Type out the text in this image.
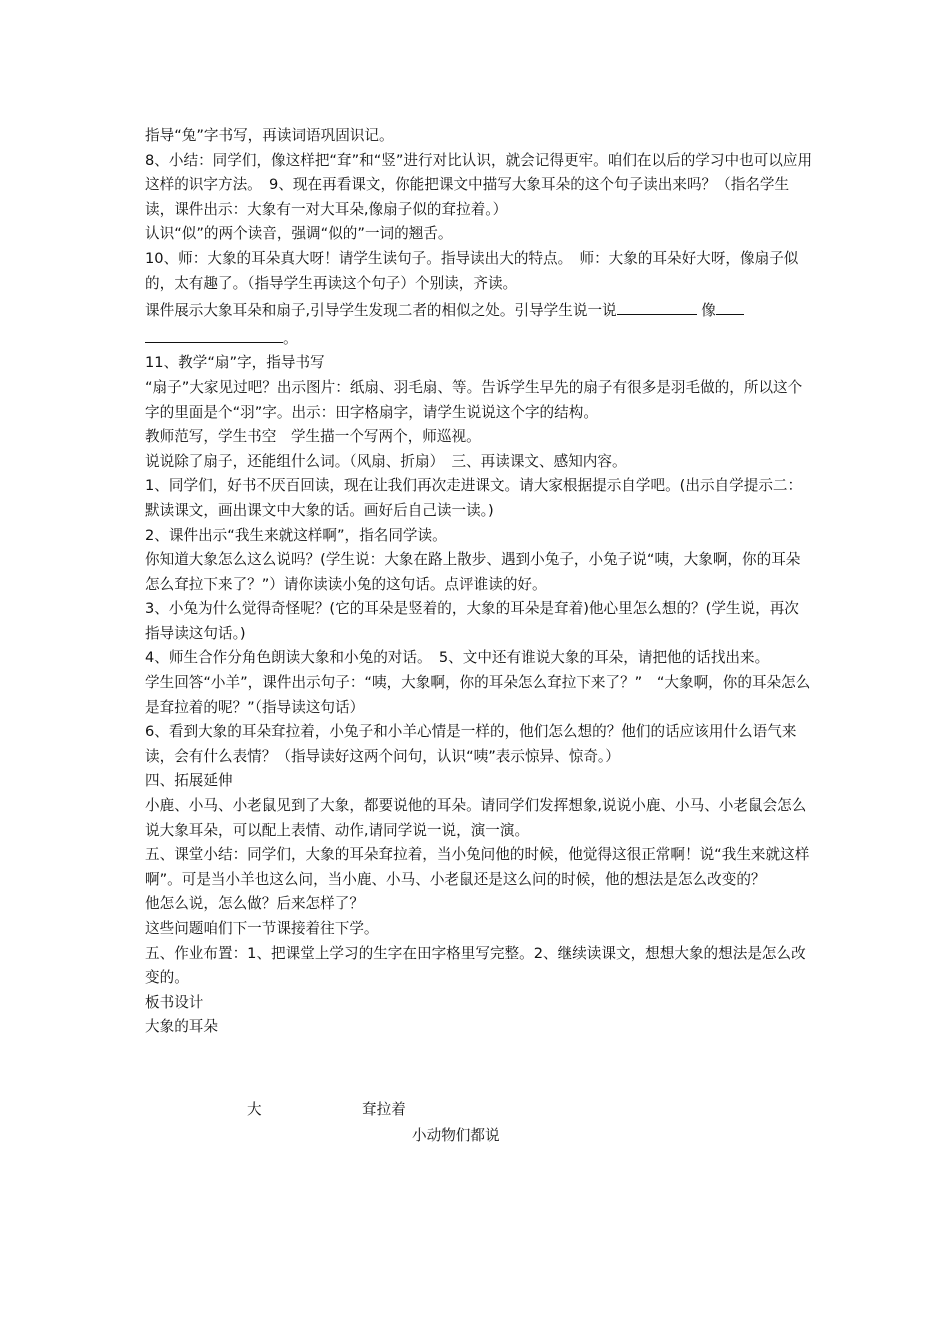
指导“兔”字书写，再读词语巩固识记。

8、小结：同学们，像这样把“耷”和“竖”进行对比认识，就会记得更牢。咱们在以后的学习中也可以应用这样的识字方法。　9、现在再看课文，你能把课文中描写大象耳朵的这个句子读出来吗？（指名学生读，课件出示：大象有一对大耳朵,像扇子似的耷拉着。）

认识“似”的两个读音，强调“似的”一词的翘舌。

10、师：大象的耳朵真大呀！请学生读句子。指导读出大的特点。　师：大象的耳朵好大呀，像扇子似的，太有趣了。（指导学生再读这个句子）个别读，齐读。

课件展示大象耳朵和扇子,引导学生发现二者的相似之处。引导学生说一说	像。

11、教学“扇”字，指导书写

“扇子”大家见过吧？出示图片：纸扇、羽毛扇、等。告诉学生早先的扇子有很多是羽毛做的，所以这个字的里面是个“羽”字。出示：田字格扇字，请学生说说这个字的结构。

教师范写，学生书空　学生描一个写两个，师巡视。

说说除了扇子，还能组什么词。（风扇、折扇）　三、再读课文、感知内容。

1、同学们，好书不厌百回读，现在让我们再次走进课文。请大家根据提示自学吧。(出示自学提示二：默读课文，画出课文中大象的话。画好后自己读一读。)

2、课件出示“我生来就这样啊”，指名同学读。

你知道大象怎么这么说吗？(学生说：大象在路上散步、遇到小兔子，小兔子说“咦，大象啊，你的耳朵怎么耷拉下来了？”）请你读读小兔的这句话。点评谁读的好。

3、小兔为什么觉得奇怪呢？(它的耳朵是竖着的，大象的耳朵是耷着)他心里怎么想的？(学生说，再次指导读这句话。)

4、师生合作分角色朗读大象和小兔的对话。　5、文中还有谁说大象的耳朵，请把他的话找出来。

学生回答“小羊”，课件出示句子：“咦，大象啊，你的耳朵怎么耷拉下来了？”　“大象啊，你的耳朵怎么是耷拉着的呢？”（指导读这句话）

6、看到大象的耳朵耷拉着，小兔子和小羊心情是一样的，他们怎么想的？他们的话应该用什么语气来读，会有什么表情？（指导读好这两个问句，认识“咦”表示惊异、惊奇。）

四、拓展延伸

小鹿、小马、小老鼠见到了大象，都要说他的耳朵。请同学们发挥想象,说说小鹿、小马、小老鼠会怎么说大象耳朵，可以配上表情、动作,请同学说一说，演一演。

五、课堂小结：同学们，大象的耳朵耷拉着，当小兔问他的时候，他觉得这很正常啊！说“我生来就这样啊”。可是当小羊也这么问，当小鹿、小马、小老鼠还是这么问的时候，他的想法是怎么改变的？

他怎么说，怎么做？后来怎样了？

这些问题咱们下一节课接着往下学。

五、作业布置：1、把课堂上学习的生字在田字格里写完整。2、继续读课文，想想大象的想法是怎么改变的。

板书设计

大象的耳朵

大	耷拉着
小动物们都说
